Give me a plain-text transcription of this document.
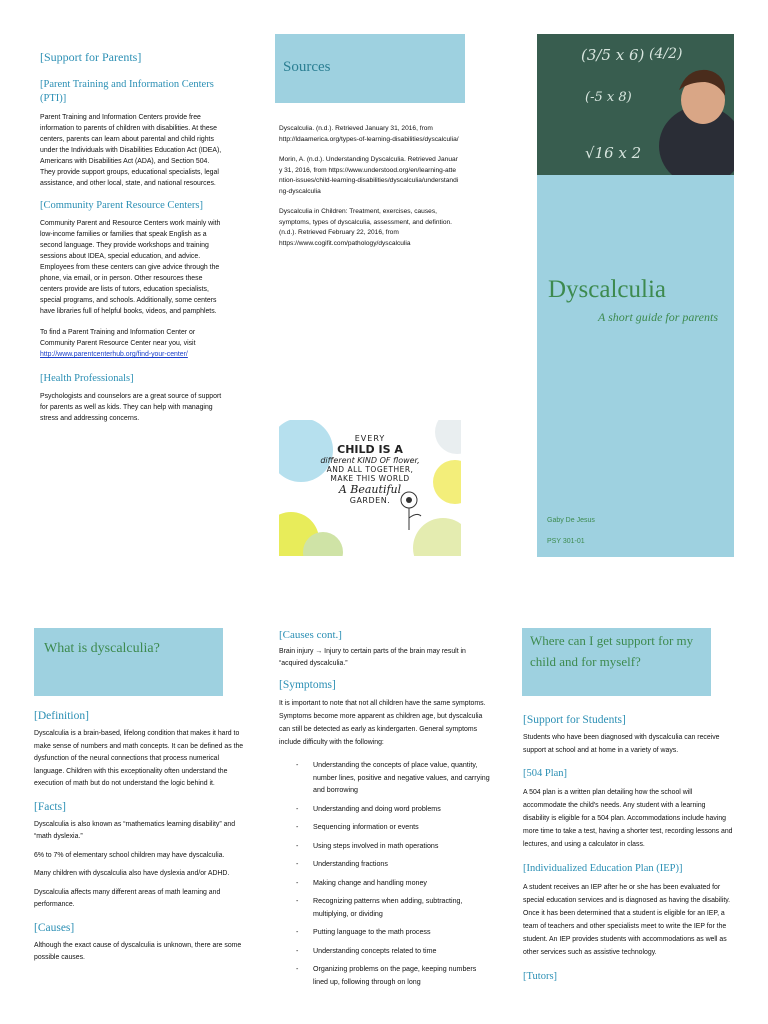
[Support for Parents]

[Parent Training and Information Centers (PTI)]

Parent Training and Information Centers provide free information to parents of children with disabilities. At these centers, parents can learn about parental and child rights under the Individuals with Disabilities Education Act (IDEA), Americans with Disabilities Act (ADA), and Section 504. They provide support groups, educational specialists, legal assistance, and other local, state, and national resources.

[Community Parent Resource Centers]

Community Parent and Resource Centers work mainly with low-income families or families that speak English as a second language. They provide workshops and training sessions about IDEA, special education, and advice. Employees from these centers can give advice through the phone, via email, or in person. Other resources these centers provide are lists of tutors, education specialists, special programs, and schools. Additionally, some centers have libraries full of helpful books, videos, and pamphlets.

To find a Parent Training and Information Center or Community Parent Resource Center near you, visit http://www.parentcenterhub.org/find-your-center/

[Health Professionals]

Psychologists and counselors are a great source of support for parents as well as kids. They can help with managing stress and addressing concerns.

Sources

Dyscalculia. (n.d.). Retrieved January 31, 2016, from http://ldaamerica.org/types-of-learning-disabilities/dyscalculia/

Morin, A. (n.d.). Understanding Dyscalculia. Retrieved January 31, 2016, from https://www.understood.org/en/learning-attention-issues/child-learning-disabilities/dyscalculia/understanding-dyscalculia

Dyscalculia in Children: Treatment, exercises, causes, symptoms, types of dyscalculia, assessment, and defintion. (n.d.). Retrieved February 22, 2016, from https://www.cogifit.com/pathology/dyscalculia

EVERY
CHILD IS A
different KIND OF flower,
AND ALL TOGETHER,
MAKE THIS WORLD
A Beautiful
GARDEN.
(3/5 x 6) (4/2)
(-5 x 8)
√16 x 2
Dyscalculia
A short guide for parents
Gaby De Jesus
PSY 301-01
What is dyscalculia?

[Definition]

Dyscalculia is a brain-based, lifelong condition that makes it hard to make sense of numbers and math concepts. It can be defined as the dysfunction of the neural connections that process numerical language. Children with this exceptionality often understand the execution of math but do not understand the logic behind it.

[Facts]

Dyscalculia is also known as “mathematics learning disability” and “math dyslexia.”

6% to 7% of elementary school children may have dyscalculia.

Many children with dyscalculia also have dyslexia and/or ADHD.

Dyscalculia affects many different areas of math learning and performance.

[Causes]

Although the exact cause of dyscalculia is unknown, there are some possible causes.

[Causes cont.]

Brain injury → Injury to certain parts of the brain may result in “acquired dyscalculia.”

[Symptoms]

It is important to note that not all children have the same symptoms. Symptoms become more apparent as children age, but dyscalculia can still be detected as early as kindergarten. General symptoms include difficulty with the following:

- Understanding the concepts of place value, quantity, number lines, positive and negative values, and carrying and borrowing
- Understanding and doing word problems
- Sequencing information or events
- Using steps involved in math operations
- Understanding fractions
- Making change and handling money
- Recognizing patterns when adding, subtracting, multiplying, or dividing
- Putting language to the math process
- Understanding concepts related to time
- Organizing problems on the page, keeping numbers lined up, following through on long
Where can I get support for my child and for myself?

[Support for Students]

Students who have been diagnosed with dyscalculia can receive support at school and at home in a variety of ways.

[504 Plan]

A 504 plan is a written plan detailing how the school will accommodate the child's needs. Any student with a learning disability is eligible for a 504 plan. Accommodations include having more time to take a test, having a shorter test, recording lessons and lectures, and using a calculator in class.

[Individualized Education Plan (IEP)]

A student receives an IEP after he or she has been evaluated for special education services and is diagnosed as having the disability. Once it has been determined that a student is eligible for an IEP, a team of teachers and other specialists meet to write the IEP for the student. An IEP provides students with accommodations as well as other services such as assistive technology.

[Tutors]
